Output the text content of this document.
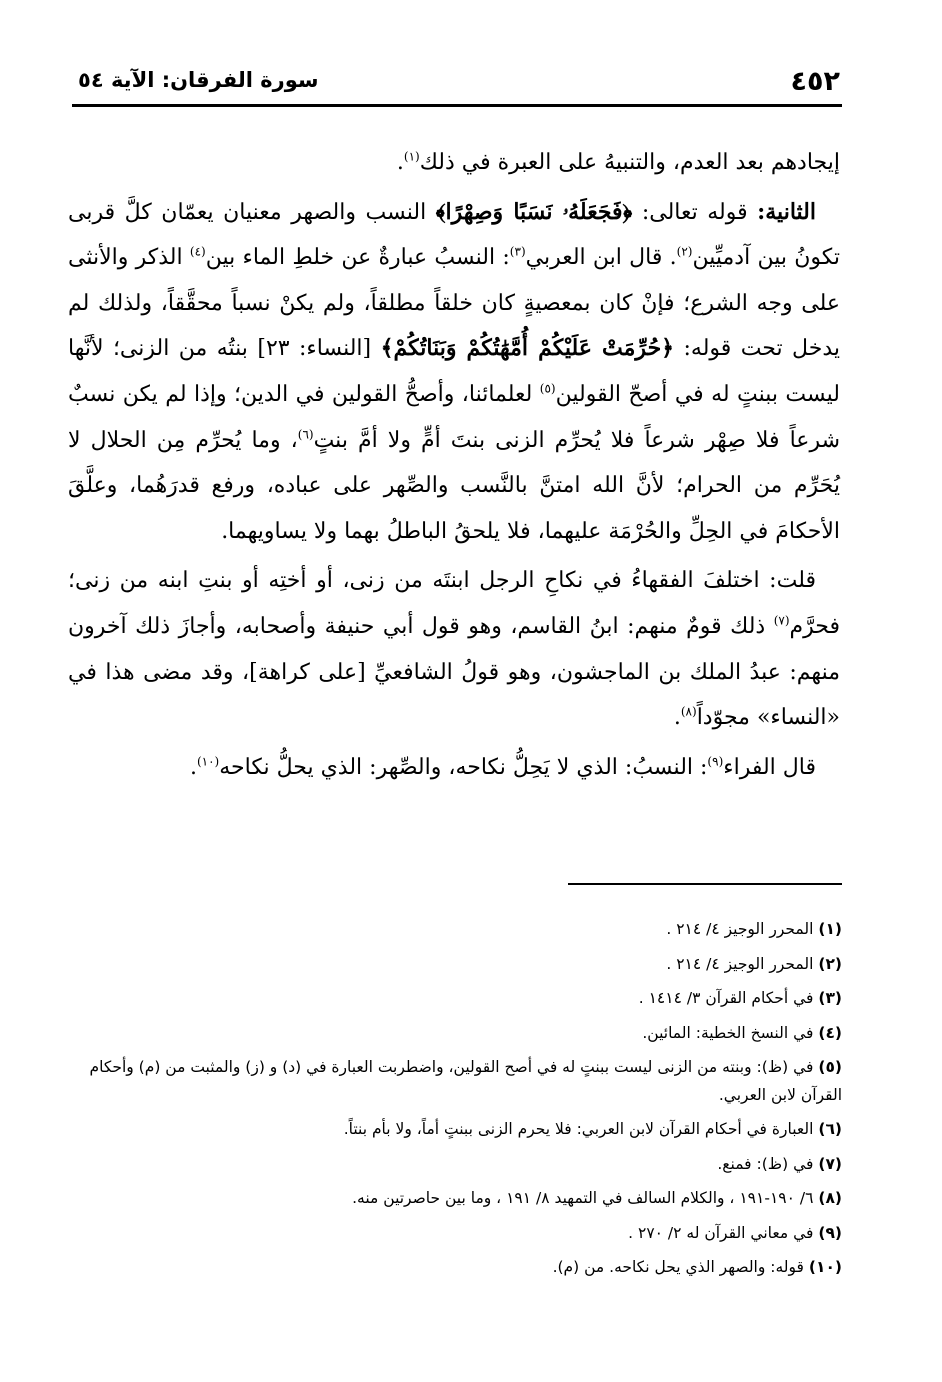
٤٥٢
سورة الفرقان: الآية ٥٤

إيجادهم بعد العدم، والتنبيهُ على العبرة في ذلك$^{(١)}$.

الثانية: قوله تعالى: ﴿فَجَعَلَهُۥ نَسَبًا وَصِهْرًا﴾ النسب والصهر معنيان يعمّان كلَّ قربى تكونُ بين آدميِّين$^{(٢)}$. قال ابن العربي$^{(٣)}$: النسبُ عبارةٌ عن خلطِ الماء بين$^{(٤)}$ الذكر والأنثى على وجه الشرع؛ فإنْ كان بمعصيةٍ كان خلقاً مطلقاً، ولم يكنْ نسباً محقَّقاً، ولذلك لم يدخل تحت قوله: ﴿حُرِّمَتْ عَلَيْكُمْ أُمَّهَٰتُكُمْ وَبَنَاتُكُمْ﴾ [النساء: ٢٣] بنتُه من الزنى؛ لأنَّها ليست ببنتٍ له في أصحّ القولين$^{(٥)}$ لعلمائنا، وأصحُّ القولين في الدين؛ وإذا لم يكن نسبٌ شرعاً فلا صِهْر شرعاً فلا يُحرِّم الزنى بنتَ أمٍّ ولا أمَّ بنتٍ$^{(٦)}$، وما يُحرِّم مِن الحلال لا يُحَرِّم من الحرام؛ لأنَّ الله امتنَّ بالنَّسب والصِّهر على عباده، ورفع قدرَهُما، وعلَّقَ الأحكامَ في الحِلِّ والحُرْمَة عليهما، فلا يلحقُ الباطلُ بهما ولا يساويهما.

قلت: اختلفَ الفقهاءُ في نكاحِ الرجل ابنتَه من زنى، أو أختِه أو بنتِ ابنه من زنى؛ فحرَّم$^{(٧)}$ ذلك قومٌ منهم: ابنُ القاسم، وهو قول أبي حنيفة وأصحابه، وأجازَ ذلك آخرون منهم: عبدُ الملك بن الماجشون، وهو قولُ الشافعيِّ [على كراهة]، وقد مضى هذا في «النساء» مجوّداً$^{(٨)}$.

قال الفراء$^{(٩)}$: النسبُ: الذي لا يَحِلُّ نكاحه، والصِّهر: الذي يحلُّ نكاحه$^{(١٠)}$.

(١) المحرر الوجيز ٤/ ٢١٤ .

(٢) المحرر الوجيز ٤/ ٢١٤ .

(٣) في أحكام القرآن ٣/ ١٤١٤ .

(٤) في النسخ الخطية: المائين.

(٥) في (ظ): وبنته من الزنى ليست ببنتٍ له في أصح القولين، واضطربت العبارة في (د) و (ز) والمثبت من (م) وأحكام القرآن لابن العربي.

(٦) العبارة في أحكام القرآن لابن العربي: فلا يحرم الزنى ببنتٍ أماً، ولا بأم بنتاً.

(٧) في (ظ): فمنع.

(٨) ٦/ ١٩٠-١٩١ ، والكلام السالف في التمهيد ٨/ ١٩١ ، وما بين حاصرتين منه.

(٩) في معاني القرآن له ٢/ ٢٧٠ .

(١٠) قوله: والصهر الذي يحل نكاحه. من (م).
